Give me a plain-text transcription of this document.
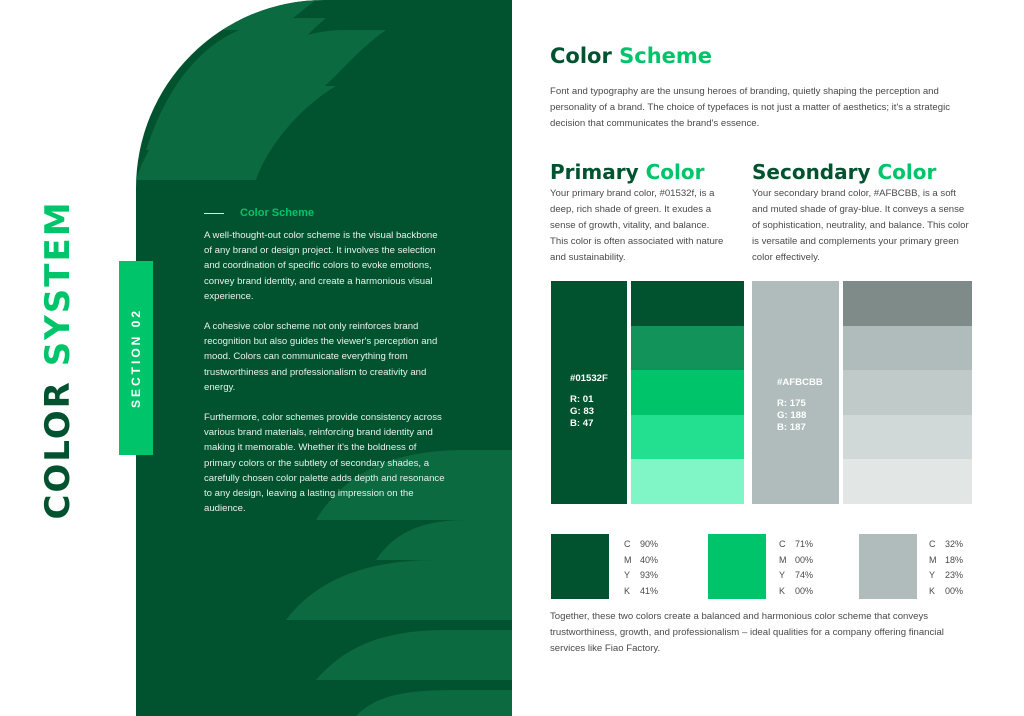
COLOR SYSTEM	Color Scheme

A well-thought-out color scheme is the visual backbone of any brand or design project. It involves the selection and coordination of specific colors to evoke emotions, convey brand identity, and create a harmonious visual experience.

A cohesive color scheme not only reinforces brand recognition but also guides the viewer's perception and mood. Colors can communicate everything from trustworthiness and professionalism to creativity and energy.

Furthermore, color schemes provide consistency across various brand materials, reinforcing brand identity and making it memorable. Whether it's the boldness of primary colors or the subtlety of secondary shades, a carefully chosen color palette adds depth and resonance to any design, leaving a lasting impression on the audience.

SECTION 02
Color Scheme
Font and typography are the unsung heroes of branding, quietly shaping the perception and personality of a brand. The choice of typefaces is not just a matter of aesthetics; it's a strategic decision that communicates the brand's essence.
Primary Color
Your primary brand color, #01532f, is a deep, rich shade of green. It exudes a sense of growth, vitality, and balance. This color is often associated with nature and sustainability.
Secondary Color
Your secondary brand color, #AFBCBB, is a soft and muted shade of gray-blue. It conveys a sense of sophistication, neutrality, and balance. This color is versatile and complements your primary green color effectively.
#01532F
R: 01
G: 83
B: 47
#AFBCBB
R: 175
G: 188
B: 187
C	90%
M 40%
Y	93%
K	41%
C	71%
M 00%
Y	74%
K	00%
C	32%
M 18%
Y	23%
K	00%
Together, these two colors create a balanced and harmonious color scheme that conveys trustworthiness, growth, and professionalism – ideal qualities for a company offering financial services like Fiao Factory.
